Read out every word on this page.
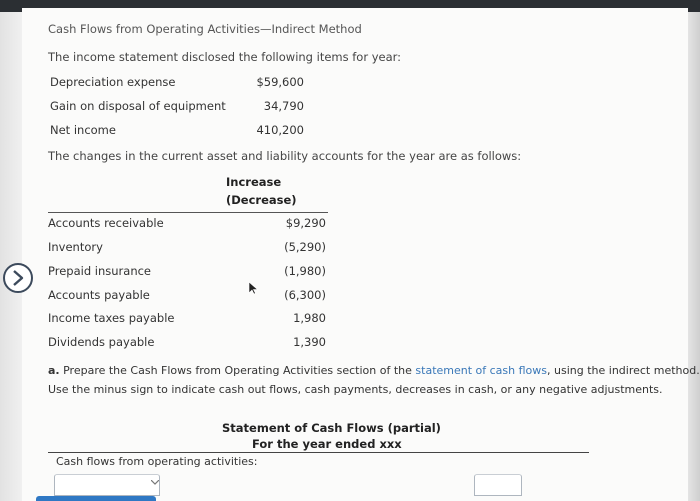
Cash Flows from Operating Activities—Indirect Method
The income statement disclosed the following items for year:
Depreciation expense	$59,600
Gain on disposal of equipment	34,790
Net income	410,200
The changes in the current asset and liability accounts for the year are as follows:
Increase
(Decrease)
Accounts receivable	$9,290
Inventory	(5,290)
Prepaid insurance	(1,980)
Accounts payable	(6,300)
Income taxes payable	1,980
Dividends payable	1,390
a. Prepare the Cash Flows from Operating Activities section of the statement of cash flows, using the indirect method.
Use the minus sign to indicate cash out flows, cash payments, decreases in cash, or any negative adjustments.
Statement of Cash Flows (partial)
For the year ended xxx
Cash flows from operating activities:
